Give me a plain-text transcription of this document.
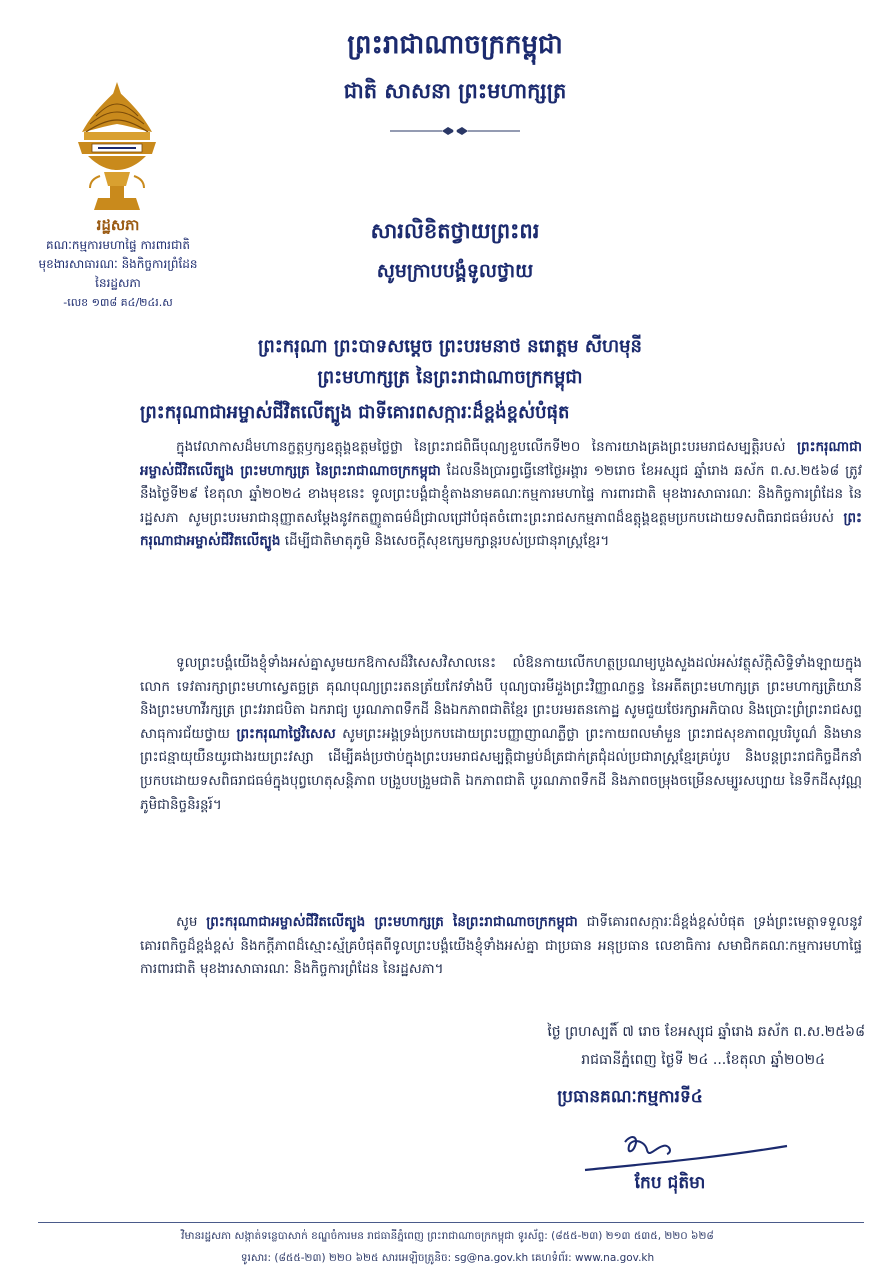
ព្រះរាជាណាចក្រកម្ពុជា
ជាតិ សាសនា ព្រះមហាក្សត្រ
រដ្ឋសភា
គណៈកម្មការមហាផ្ទៃ ការពារជាតិ
មុខងារសាធារណៈ និងកិច្ចការព្រំដែន
នៃរដ្ឋសភា
-លេខ ១៣៨ គ៤/២៤រ.ស
សារលិខិតថ្វាយព្រះពរ
សូមក្រាបបង្គំទូលថ្វាយ
ព្រះករុណា ព្រះបាទសម្តេច ព្រះបរមនាថ នរោត្តម សីហមុនី
ព្រះមហាក្សត្រ នៃព្រះរាជាណាចក្រកម្ពុជា
ព្រះករុណាជាអម្ចាស់ជីវិតលើត្បូង ជាទីគោរពសក្ការៈដ៏ខ្ពង់ខ្ពស់បំផុត
ក្នុងវេលាកាសដ៏មហានក្ខត្តឫក្សឧត្តុង្គឧត្តមថ្លៃថ្លា នៃព្រះរាជពិធីបុណ្យខួបលើកទី២០ នៃការយាងគ្រងព្រះបរមរាជសម្បត្តិរបស់ ព្រះករុណាជាអម្ចាស់ជីវិតលើត្បូង ព្រះមហាក្សត្រ នៃព្រះរាជាណាចក្រកម្ពុជា ដែលនឹងប្រារព្ធធ្វើនៅថ្ងៃអង្គារ ១២រោច ខែអស្សុជ ឆ្នាំរោង ឆស័ក ព.ស.២៥៦៨ ត្រូវនឹងថ្ងៃទី២៩ ខែតុលា ឆ្នាំ២០២៤ ខាងមុខនេះ ទូលព្រះបង្គំជាខ្ញុំតាងនាមគណៈកម្មការមហាផ្ទៃ ការពារជាតិ មុខងារសាធារណៈ និងកិច្ចការព្រំដែន នៃរដ្ឋសភា សូមព្រះបរមរាជានុញ្ញាតសម្តែងនូវកតញ្ញូតាធម៌ដ៏ជ្រាលជ្រៅបំផុតចំពោះព្រះរាជសកម្មភាពដ៏ឧត្តុង្គឧត្តមប្រកបដោយទសពិធរាជធម៌របស់ ព្រះករុណាជាអម្ចាស់ជីវិតលើត្បូង ដើម្បីជាតិមាតុភូមិ និងសេចក្តីសុខក្សេមក្សាន្តរបស់ប្រជានុរាស្ត្រខ្មែរ។
ទូលព្រះបង្គំយើងខ្ញុំទាំងអស់គ្នាសូមយកឱកាសដ៏វិសេសវិសាលនេះ លំឱនកាយលើកហត្ថប្រណម្យបួងសួងដល់អស់វត្ថុស័ក្តិសិទ្ធិទាំងឡាយក្នុងលោក ទេវតារក្សាព្រះមហាស្វេតច្ឆត្រ គុណបុណ្យព្រះរតនត្រ័យកែវទាំងបី បុណ្យបារមីដួងព្រះវិញ្ញាណក្ខន្ធ នៃអតីតព្រះមហាក្សត្រ ព្រះមហាក្សត្រិយានី និងព្រះមហាវីរក្សត្រ ព្រះវររាជបិតា ឯករាជ្យ បូរណភាពទឹកដី និងឯកភាពជាតិខ្មែរ ព្រះបរមរតនកោដ្ឋ សូមជួយថែរក្សាអភិបាល និងប្រោះព្រំព្រះរាជសព្ទសាធុការជ័យថ្វាយ ព្រះករុណាថ្លៃវិសេស សូមព្រះអង្គទ្រង់ប្រកបដោយព្រះបញ្ញាញាណភ្លឺថ្លា ព្រះកាយពលមាំមួន ព្រះរាជសុខភាពល្អបរិបូណ៌ និងមានព្រះជន្មាយុយឺនយូរជាងរយព្រះវស្សា ដើម្បីគង់ប្រថាប់ក្នុងព្រះបរមរាជសម្បត្តិជាម្លប់ដ៏ត្រជាក់ត្រជុំដល់ប្រជារាស្ត្រខ្មែរគ្រប់រូប និងបន្តព្រះរាជកិច្ចដឹកនាំប្រកបដោយទសពិធរាជធម៌ក្នុងបុព្វហេតុសន្តិភាព បង្រួបបង្រួមជាតិ ឯកភាពជាតិ បូរណភាពទឹកដី និងភាពចម្រុងចម្រើនសម្បូរសប្បាយ នៃទឹកដីសុវណ្ណភូមិជានិច្ចនិរន្តរ៍។
សូម ព្រះករុណាជាអម្ចាស់ជីវិតលើត្បូង ព្រះមហាក្សត្រ នៃព្រះរាជាណាចក្រកម្ពុជា ជាទីគោរពសក្ការៈដ៏ខ្ពង់ខ្ពស់បំផុត ទ្រង់ព្រះមេត្តាទទួលនូវគោរពកិច្ចដ៏ខ្ពង់ខ្ពស់ និងកក្តីភាពដ៏ស្មោះស្ម័គ្របំផុតពីទូលព្រះបង្គំយើងខ្ញុំទាំងអស់គ្នា ជាប្រធាន អនុប្រធាន លេខាធិការ សមាជិកគណៈកម្មការមហាផ្ទៃ ការពារជាតិ មុខងារសាធារណៈ និងកិច្ចការព្រំដែន នៃរដ្ឋសភា។
ថ្ងៃ ព្រហស្បតិ៍ ៧ រោច ខែអស្សុជ ឆ្នាំរោង ឆស័ក ព.ស.២៥៦៨
រាជធានីភ្នំពេញ ថ្ងៃទី ២៤ ...ខែតុលា ឆ្នាំ២០២៤
ប្រធានគណៈកម្មការទី៤
កែប ជុតិមា
វិមានរដ្ឋសភា សង្កាត់ទន្លេបាសាក់ ខណ្ឌចំការមន រាជធានីភ្នំពេញ ព្រះរាជាណាចក្រកម្ពុជា ទូរស័ព្ទ: (៨៥៥-២៣) ២១៣ ៥៣៥, ២២០ ៦២៨
ទូរសារ: (៨៥៥-២៣) ២២០ ៦២៥ សារអេឡិចត្រូនិច: sg@na.gov.kh គេហទំព័រ: www.na.gov.kh
